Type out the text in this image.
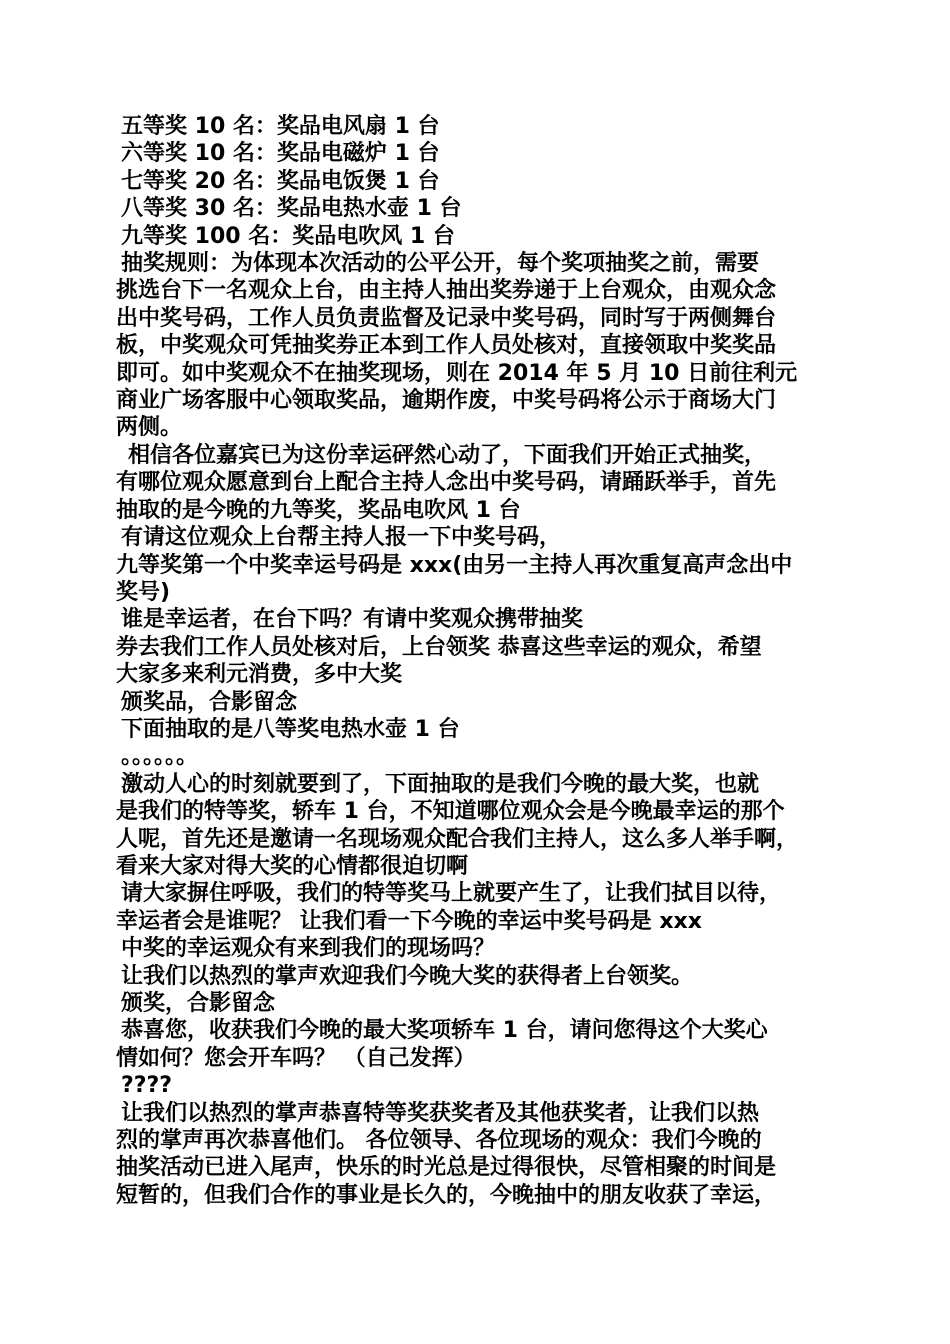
五等奖 10 名：奖品电风扇 1 台
六等奖 10 名：奖品电磁炉 1 台
七等奖 20 名：奖品电饭煲 1 台
八等奖 30 名：奖品电热水壶 1 台
九等奖 100 名：奖品电吹风 1 台
抽奖规则：为体现本次活动的公平公开，每个奖项抽奖之前，需要
挑选台下一名观众上台，由主持人抽出奖券递于上台观众，由观众念
出中奖号码，工作人员负责监督及记录中奖号码，同时写于两侧舞台
板，中奖观众可凭抽奖券正本到工作人员处核对，直接领取中奖奖品
即可。如中奖观众不在抽奖现场，则在 2014 年 5 月 10 日前往利元
商业广场客服中心领取奖品，逾期作废，中奖号码将公示于商场大门
两侧。
相信各位嘉宾已为这份幸运砰然心动了，下面我们开始正式抽奖，
有哪位观众愿意到台上配合主持人念出中奖号码，请踊跃举手，首先
抽取的是今晚的九等奖，奖品电吹风 1 台
有请这位观众上台帮主持人报一下中奖号码，
九等奖第一个中奖幸运号码是 xxx(由另一主持人再次重复高声念出中
奖号)
谁是幸运者，在台下吗？有请中奖观众携带抽奖
券去我们工作人员处核对后，上台领奖 恭喜这些幸运的观众，希望
大家多来利元消费，多中大奖
颁奖品，合影留念
下面抽取的是八等奖电热水壶 1 台
。。。。。。
激动人心的时刻就要到了，下面抽取的是我们今晚的最大奖，也就
是我们的特等奖，轿车 1 台，不知道哪位观众会是今晚最幸运的那个
人呢，首先还是邀请一名现场观众配合我们主持人，这么多人举手啊，
看来大家对得大奖的心情都很迫切啊
请大家摒住呼吸，我们的特等奖马上就要产生了，让我们拭目以待，
幸运者会是谁呢？ 让我们看一下今晚的幸运中奖号码是 xxx
中奖的幸运观众有来到我们的现场吗？
让我们以热烈的掌声欢迎我们今晚大奖的获得者上台领奖。
颁奖，合影留念
恭喜您，收获我们今晚的最大奖项轿车 1 台，请问您得这个大奖心
情如何？您会开车吗？ （自己发挥）
????
让我们以热烈的掌声恭喜特等奖获奖者及其他获奖者，让我们以热
烈的掌声再次恭喜他们。 各位领导、各位现场的观众：我们今晚的
抽奖活动已进入尾声，快乐的时光总是过得很快，尽管相聚的时间是
短暂的，但我们合作的事业是长久的，今晚抽中的朋友收获了幸运，
